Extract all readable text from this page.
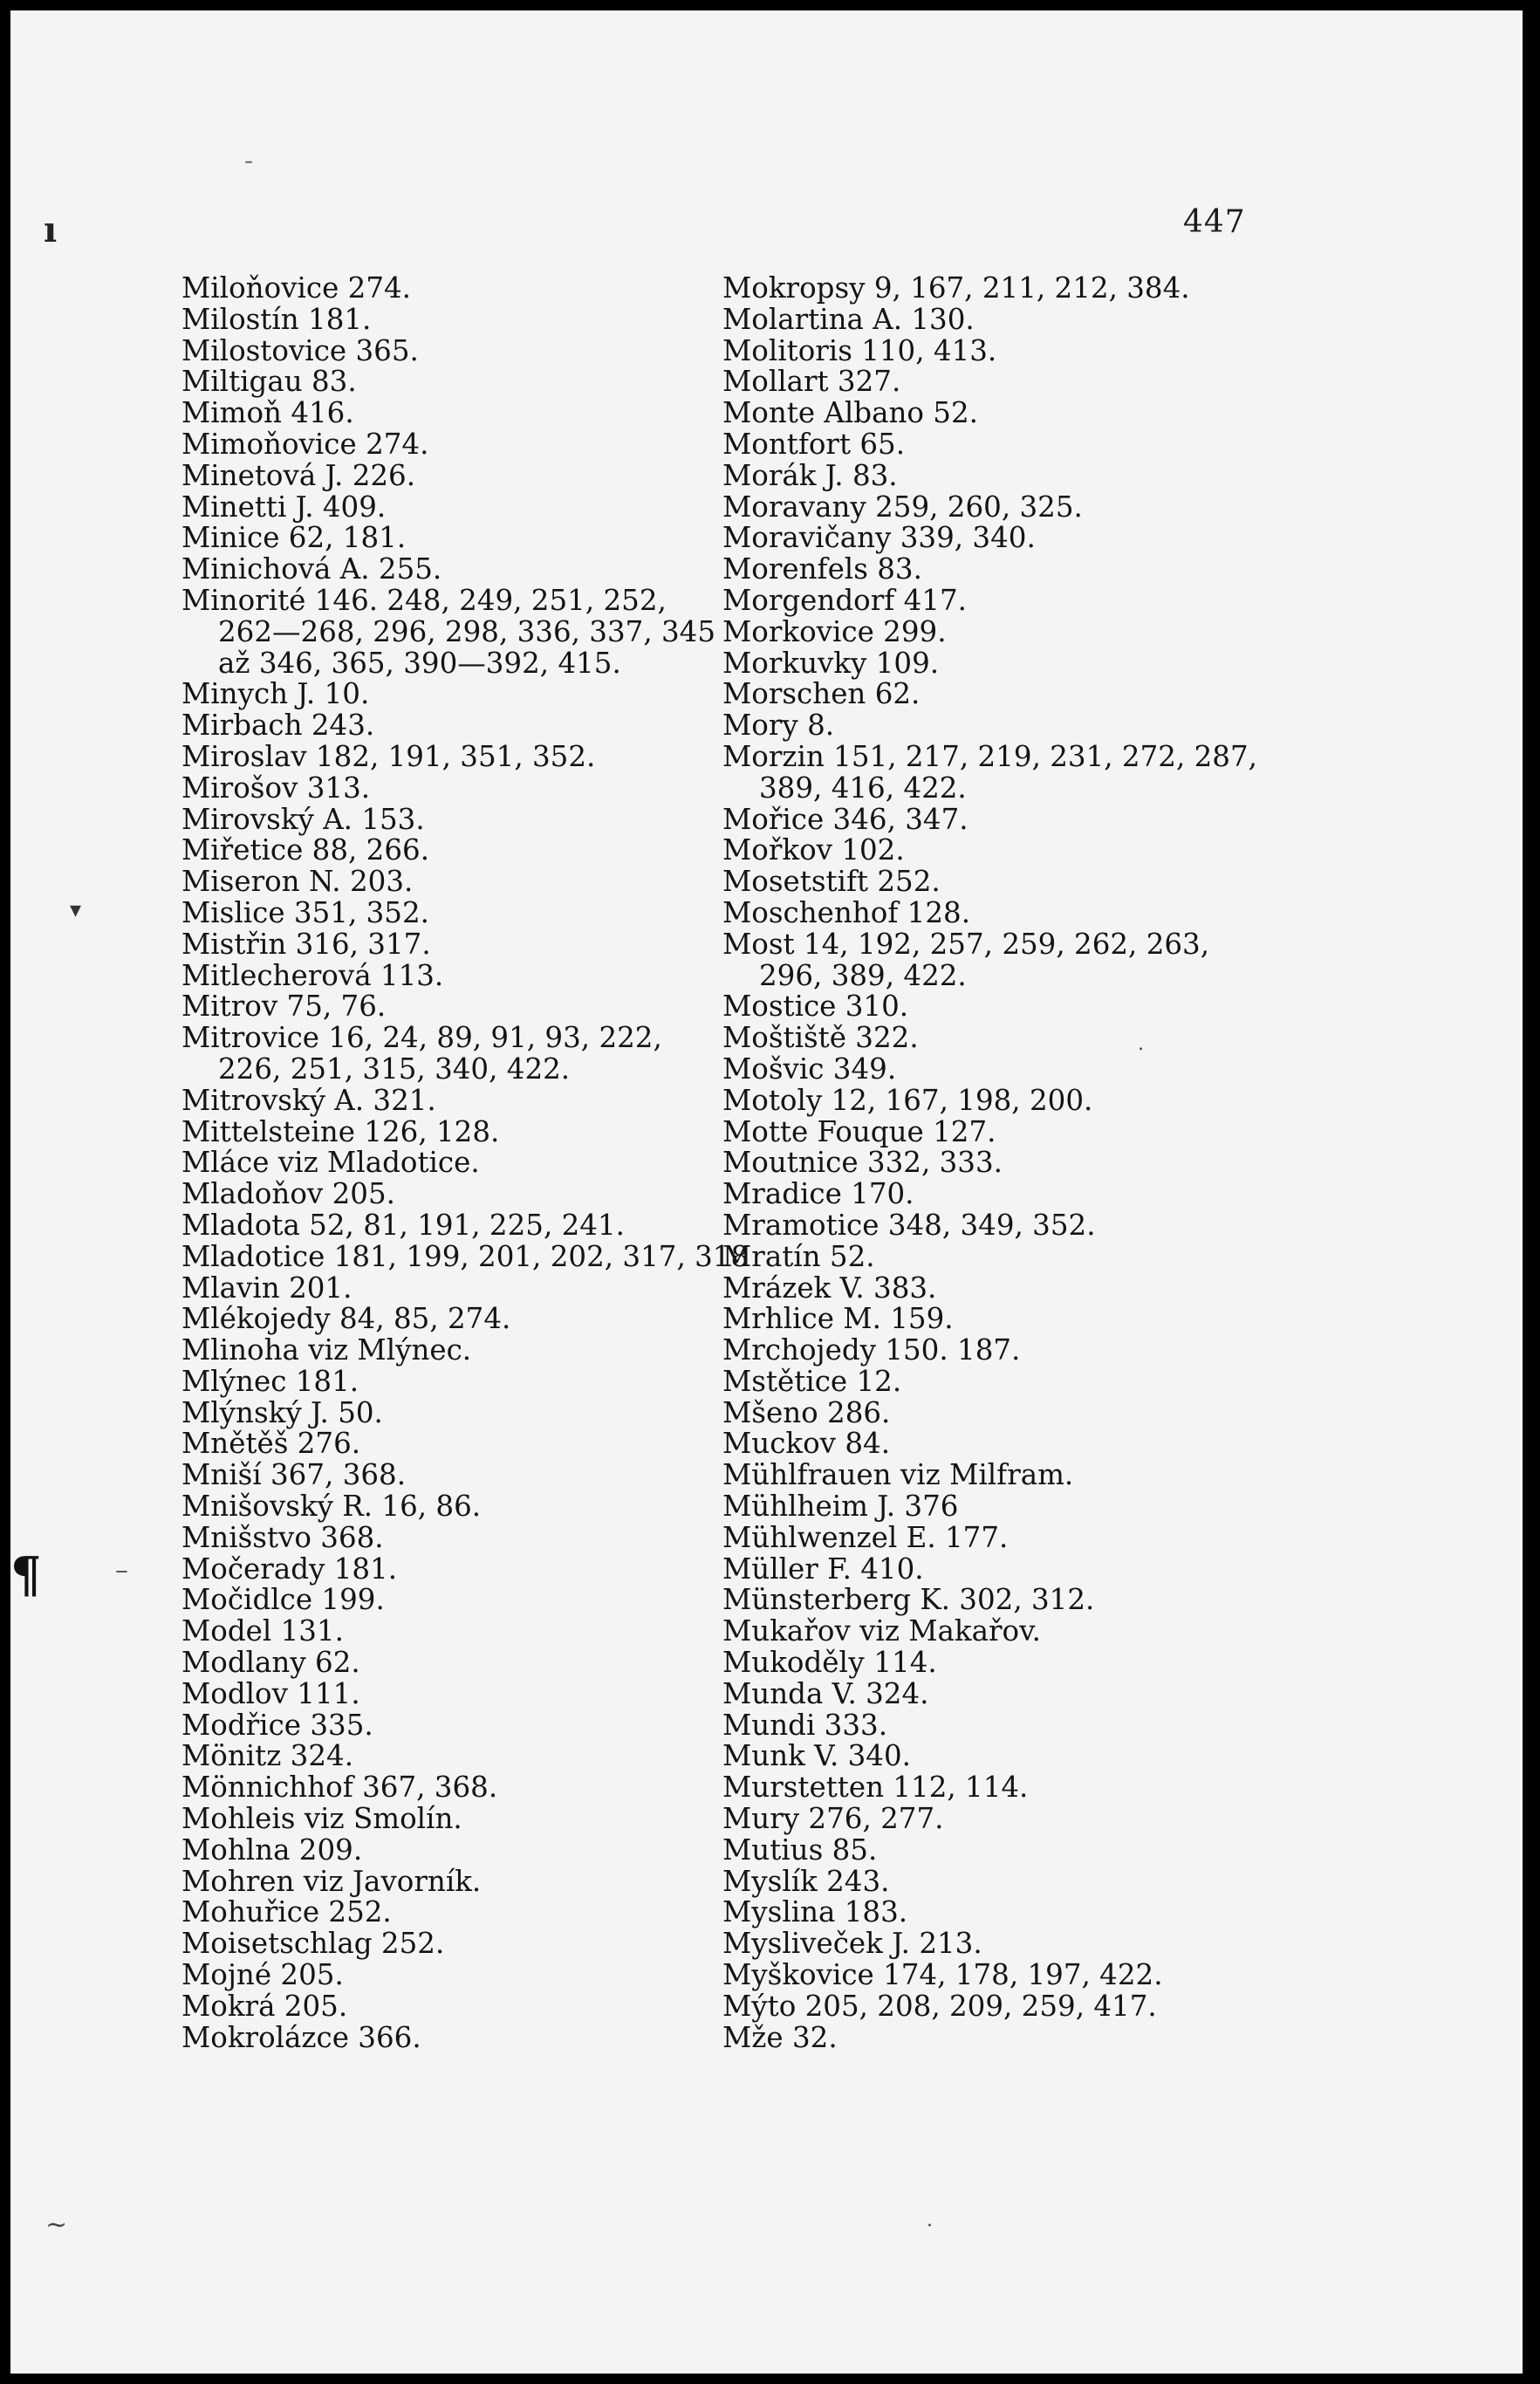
447
ı
-
▾
¶	–
~
.
.
Miloňovice 274.
Milostín 181.
Milostovice 365.
Miltigau 83.
Mimoň 416.
Mimoňovice 274.
Minetová J. 226.
Minetti J. 409.
Minice 62, 181.
Minichová A. 255.
Minorité 146. 248, 249, 251, 252,
262—268, 296, 298, 336, 337, 345
až 346, 365, 390—392, 415.
Minych J. 10.
Mirbach 243.
Miroslav 182, 191, 351, 352.
Mirošov 313.
Mirovský A. 153.
Miřetice 88, 266.
Miseron N. 203.
Mislice 351, 352.
Mistřin 316, 317.
Mitlecherová 113.
Mitrov 75, 76.
Mitrovice 16, 24, 89, 91, 93, 222,
226, 251, 315, 340, 422.
Mitrovský A. 321.
Mittelsteine 126, 128.
Mláce viz Mladotice.
Mladoňov 205.
Mladota 52, 81, 191, 225, 241.
Mladotice 181, 199, 201, 202, 317, 318
Mlavin 201.
Mlékojedy 84, 85, 274.
Mlinoha viz Mlýnec.
Mlýnec 181.
Mlýnský J. 50.
Mnětěš 276.
Mniší 367, 368.
Mnišovský R. 16, 86.
Mnišstvo 368.
Močerady 181.
Močidlce 199.
Model 131.
Modlany 62.
Modlov 111.
Modřice 335.
Mönitz 324.
Mönnichhof 367, 368.
Mohleis viz Smolín.
Mohlna 209.
Mohren viz Javorník.
Mohuřice 252.
Moisetschlag 252.
Mojné 205.
Mokrá 205.
Mokrolázce 366.
Mokropsy 9, 167, 211, 212, 384.
Molartina A. 130.
Molitoris 110, 413.
Mollart 327.
Monte Albano 52.
Montfort 65.
Morák J. 83.
Moravany 259, 260, 325.
Moravičany 339, 340.
Morenfels 83.
Morgendorf 417.
Morkovice 299.
Morkuvky 109.
Morschen 62.
Mory 8.
Morzin 151, 217, 219, 231, 272, 287,
389, 416, 422.
Mořice 346, 347.
Mořkov 102.
Mosetstift 252.
Moschenhof 128.
Most 14, 192, 257, 259, 262, 263,
296, 389, 422.
Mostice 310.
Moštiště 322.
Mošvic 349.
Motoly 12, 167, 198, 200.
Motte Fouque 127.
Moutnice 332, 333.
Mradice 170.
Mramotice 348, 349, 352.
Mratín 52.
Mrázek V. 383.
Mrhlice M. 159.
Mrchojedy 150. 187.
Mstětice 12.
Mšeno 286.
Muckov 84.
Mühlfrauen viz Milfram.
Mühlheim J. 376
Mühlwenzel E. 177.
Müller F. 410.
Münsterberg K. 302, 312.
Mukařov viz Makařov.
Mukodělу 114.
Munda V. 324.
Mundi 333.
Munk V. 340.
Murstetten 112, 114.
Mury 276, 277.
Mutius 85.
Myslík 243.
Myslina 183.
Mysliveček J. 213.
Myškovice 174, 178, 197, 422.
Mýto 205, 208, 209, 259, 417.
Mže 32.
